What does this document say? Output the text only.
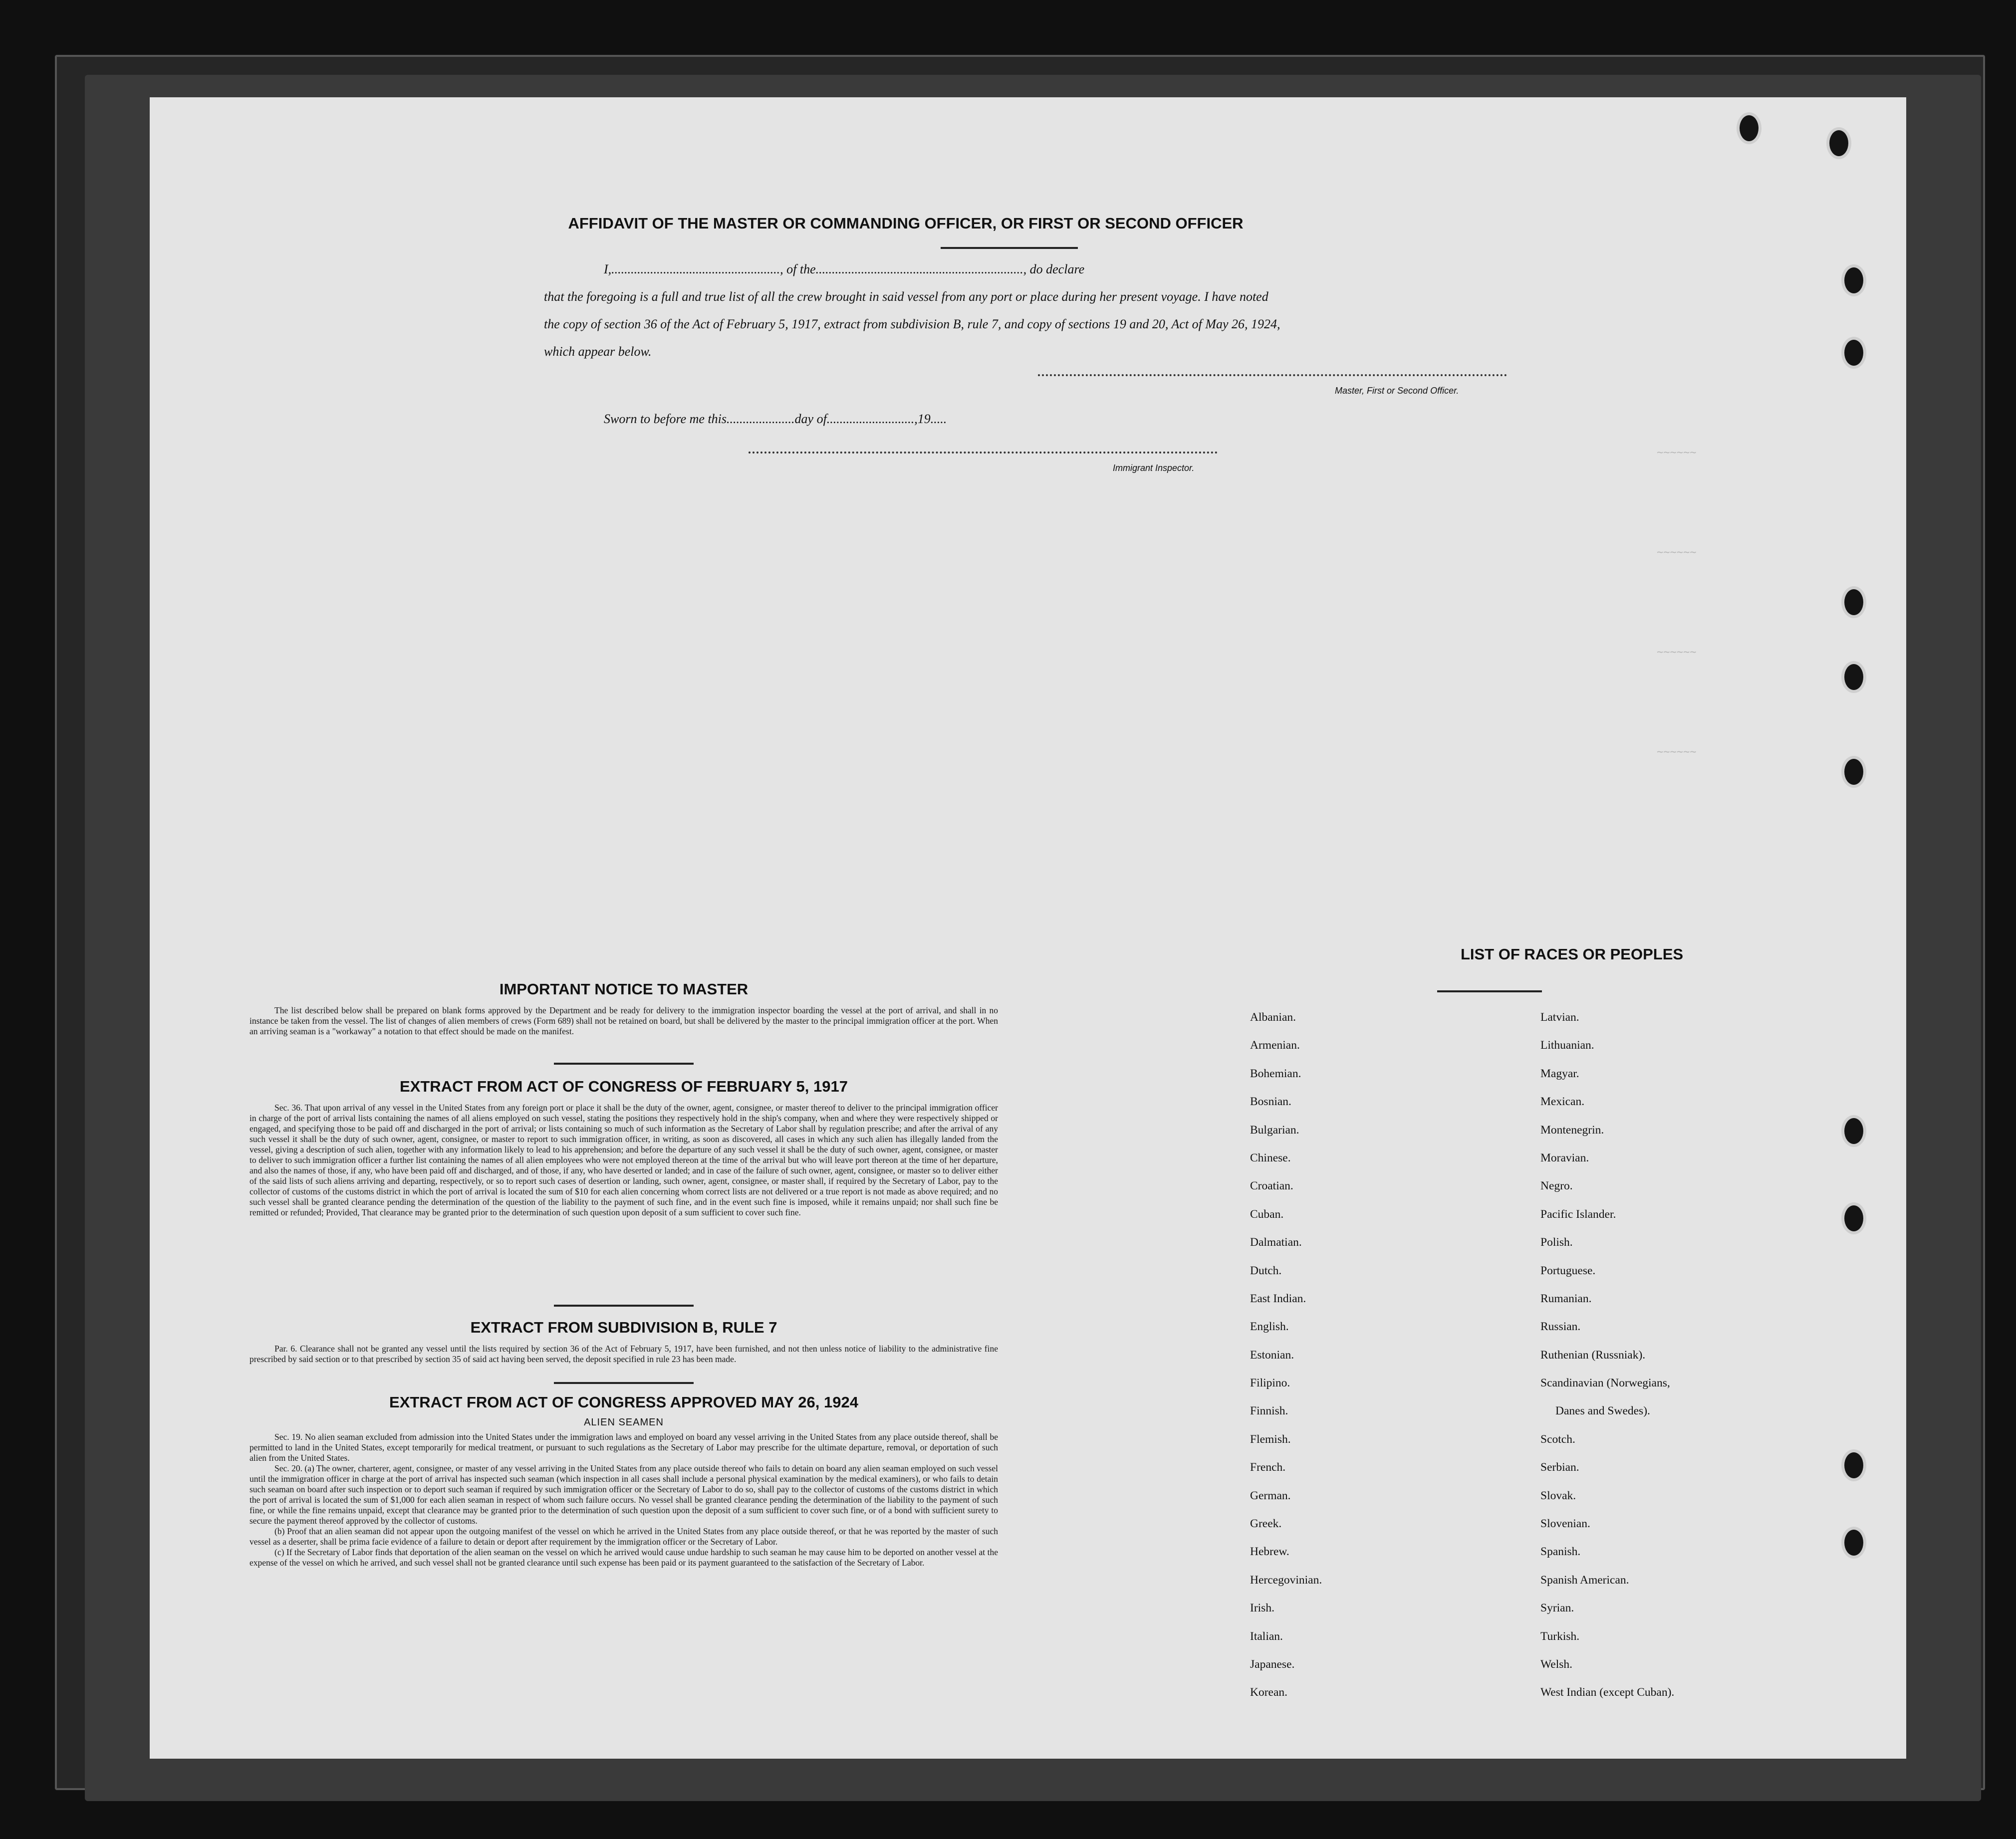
~~~~~~
~~~~~~
~~~~~~
~~~~~~
AFFIDAVIT OF THE MASTER OR COMMANDING OFFICER, OR FIRST OR SECOND OFFICER
I,...................................................., of the................................................................, do declare
that the foregoing is a full and true list of all the crew brought in said vessel from any port or place during her present voyage. I have noted
the copy of section 36 of the Act of February 5, 1917, extract from subdivision B, rule 7, and copy of sections 19 and 20, Act of May 26, 1924,
which appear below.
Master, First or Second Officer.
Sworn to before me this.....................day of...........................,19.....
Immigrant Inspector.
IMPORTANT NOTICE TO MASTER

The list described below shall be prepared on blank forms approved by the Department and be ready for delivery to the immigration inspector boarding the vessel at the port of arrival, and shall in no instance be taken from the vessel. The list of changes of alien members of crews (Form 689) shall not be retained on board, but shall be delivered by the master to the principal immigration officer at the port. When an arriving seaman is a "workaway" a notation to that effect should be made on the manifest.

EXTRACT FROM ACT OF CONGRESS OF FEBRUARY 5, 1917

Sec. 36. That upon arrival of any vessel in the United States from any foreign port or place it shall be the duty of the owner, agent, consignee, or master thereof to deliver to the principal immigration officer in charge of the port of arrival lists containing the names of all aliens employed on such vessel, stating the positions they respectively hold in the ship's company, when and where they were respectively shipped or engaged, and specifying those to be paid off and discharged in the port of arrival; or lists containing so much of such information as the Secretary of Labor shall by regulation prescribe; and after the arrival of any such vessel it shall be the duty of such owner, agent, consignee, or master to report to such immigration officer, in writing, as soon as discovered, all cases in which any such alien has illegally landed from the vessel, giving a description of such alien, together with any information likely to lead to his apprehension; and before the departure of any such vessel it shall be the duty of such owner, agent, consignee, or master to deliver to such immigration officer a further list containing the names of all alien employees who were not employed thereon at the time of the arrival but who will leave port thereon at the time of her departure, and also the names of those, if any, who have been paid off and discharged, and of those, if any, who have deserted or landed; and in case of the failure of such owner, agent, consignee, or master so to deliver either of the said lists of such aliens arriving and departing, respectively, or so to report such cases of desertion or landing, such owner, agent, consignee, or master shall, if required by the Secretary of Labor, pay to the collector of customs of the customs district in which the port of arrival is located the sum of $10 for each alien concerning whom correct lists are not delivered or a true report is not made as above required; and no such vessel shall be granted clearance pending the determination of the question of the liability to the payment of such fine, and in the event such fine is imposed, while it remains unpaid; nor shall such fine be remitted or refunded; Provided, That clearance may be granted prior to the determination of such question upon deposit of a sum sufficient to cover such fine.

EXTRACT FROM SUBDIVISION B, RULE 7

Par. 6. Clearance shall not be granted any vessel until the lists required by section 36 of the Act of February 5, 1917, have been furnished, and not then unless notice of liability to the administrative fine prescribed by said section or to that prescribed by section 35 of said act having been served, the deposit specified in rule 23 has been made.

EXTRACT FROM ACT OF CONGRESS APPROVED MAY 26, 1924
ALIEN SEAMEN

Sec. 19. No alien seaman excluded from admission into the United States under the immigration laws and employed on board any vessel arriving in the United States from any place outside thereof, shall be permitted to land in the United States, except temporarily for medical treatment, or pursuant to such regulations as the Secretary of Labor may prescribe for the ultimate departure, removal, or deportation of such alien from the United States.

Sec. 20. (a) The owner, charterer, agent, consignee, or master of any vessel arriving in the United States from any place outside thereof who fails to detain on board any alien seaman employed on such vessel until the immigration officer in charge at the port of arrival has inspected such seaman (which inspection in all cases shall include a personal physical examination by the medical examiners), or who fails to detain such seaman on board after such inspection or to deport such seaman if required by such immigration officer or the Secretary of Labor to do so, shall pay to the collector of customs of the customs district in which the port of arrival is located the sum of $1,000 for each alien seaman in respect of whom such failure occurs. No vessel shall be granted clearance pending the determination of the liability to the payment of such fine, or while the fine remains unpaid, except that clearance may be granted prior to the determination of such question upon the deposit of a sum sufficient to cover such fine, or of a bond with sufficient surety to secure the payment thereof approved by the collector of customs.

(b) Proof that an alien seaman did not appear upon the outgoing manifest of the vessel on which he arrived in the United States from any place outside thereof, or that he was reported by the master of such vessel as a deserter, shall be prima facie evidence of a failure to detain or deport after requirement by the immigration officer or the Secretary of Labor.

(c) If the Secretary of Labor finds that deportation of the alien seaman on the vessel on which he arrived would cause undue hardship to such seaman he may cause him to be deported on another vessel at the expense of the vessel on which he arrived, and such vessel shall not be granted clearance until such expense has been paid or its payment guaranteed to the satisfaction of the Secretary of Labor.

LIST OF RACES OR PEOPLES
Albanian.
Armenian.
Bohemian.
Bosnian.
Bulgarian.
Chinese.
Croatian.
Cuban.
Dalmatian.
Dutch.
East Indian.
English.
Estonian.
Filipino.
Finnish.
Flemish.
French.
German.
Greek.
Hebrew.
Hercegovinian.
Irish.
Italian.
Japanese.
Korean.
Latvian.
Lithuanian.
Magyar.
Mexican.
Montenegrin.
Moravian.
Negro.
Pacific Islander.
Polish.
Portuguese.
Rumanian.
Russian.
Ruthenian (Russniak).
Scandinavian (Norwegians,
Danes and Swedes).
Scotch.
Serbian.
Slovak.
Slovenian.
Spanish.
Spanish American.
Syrian.
Turkish.
Welsh.
West Indian (except Cuban).
